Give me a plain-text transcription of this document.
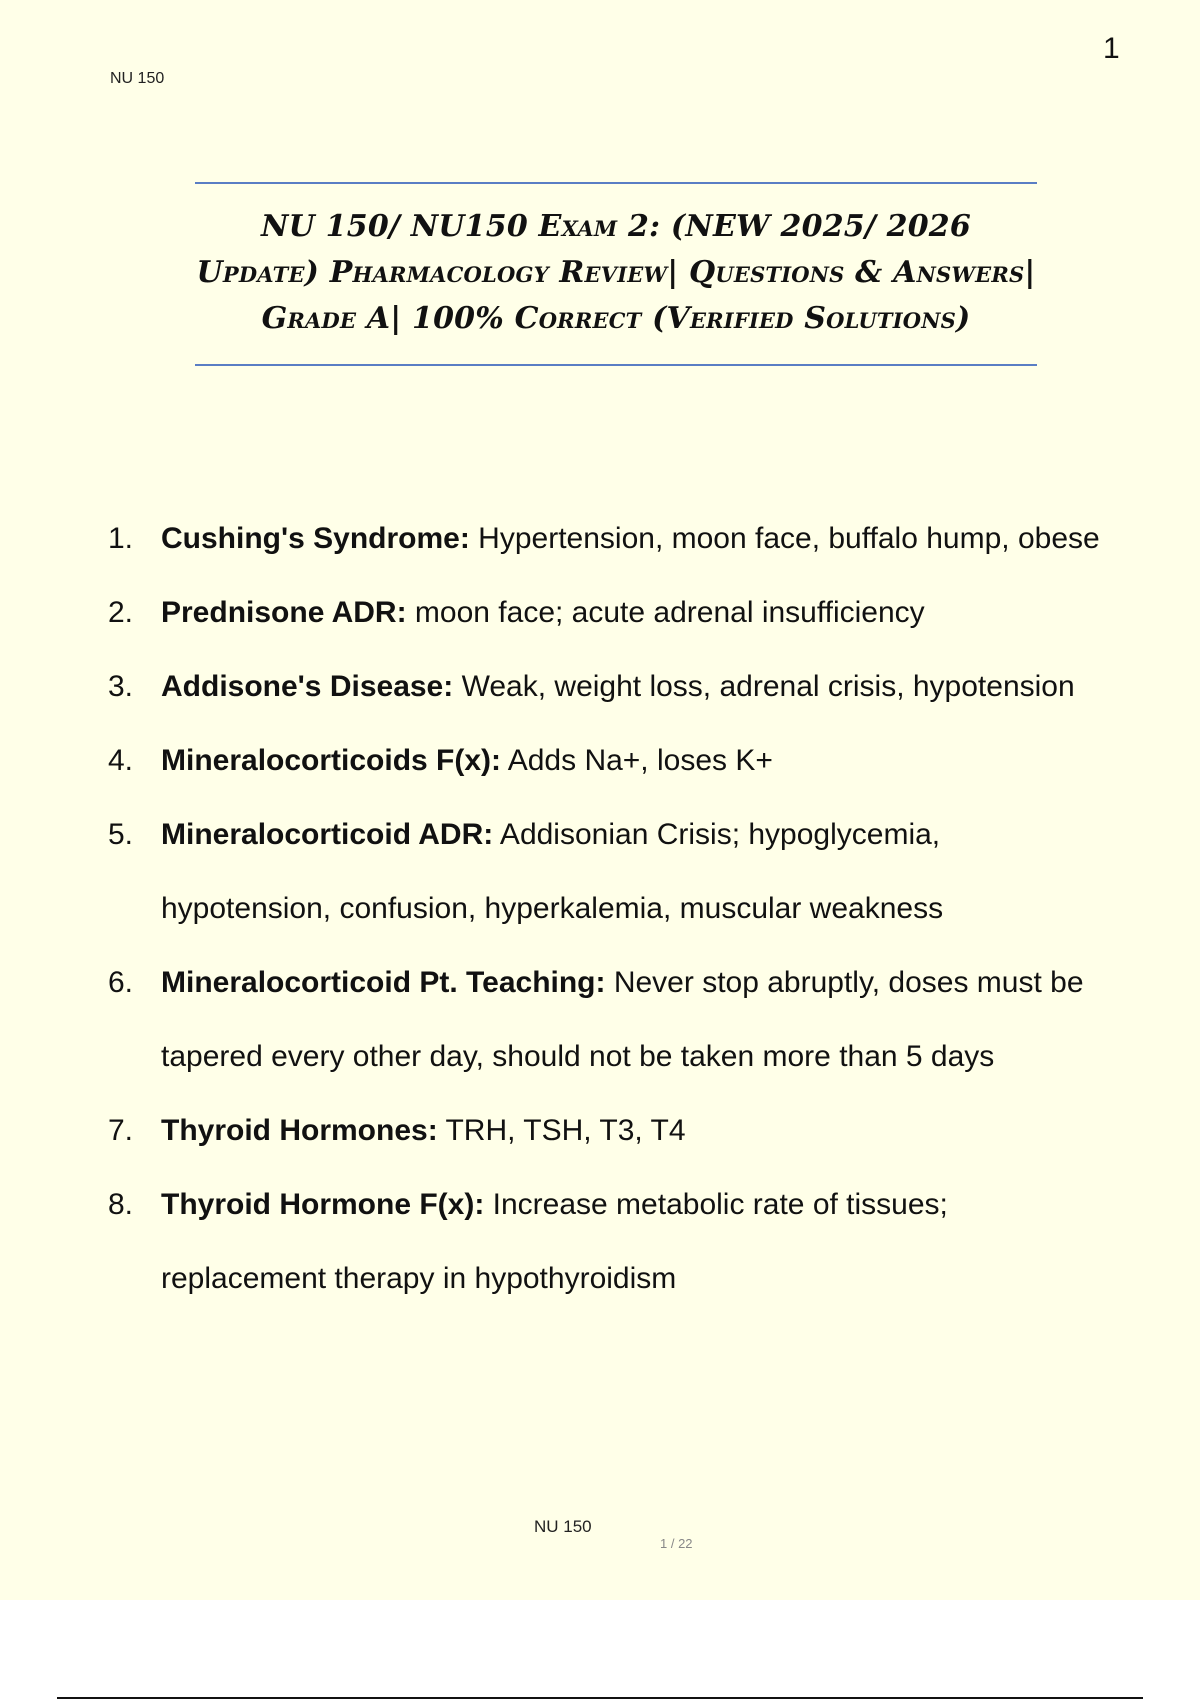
NU 150
1
NU 150/ NU150 Exam 2: (NEW 2025/ 2026 Update) Pharmacology Review| Questions & Answers| Grade A| 100% Correct (Verified Solutions)
1. Cushing's Syndrome: Hypertension, moon face, buffalo hump, obese
2. Prednisone ADR: moon face; acute adrenal insufficiency
3. Addisone's Disease: Weak, weight loss, adrenal crisis, hypotension
4. Mineralocorticoids F(x): Adds Na+, loses K+
5. Mineralocorticoid ADR: Addisonian Crisis; hypoglycemia, hypotension, confusion, hyperkalemia, muscular weakness
6. Mineralocorticoid Pt. Teaching: Never stop abruptly, doses must be tapered every other day, should not be taken more than 5 days
7. Thyroid Hormones: TRH, TSH, T3, T4
8. Thyroid Hormone F(x): Increase metabolic rate of tissues; replacement therapy in hypothyroidism
NU 150
1 / 22
